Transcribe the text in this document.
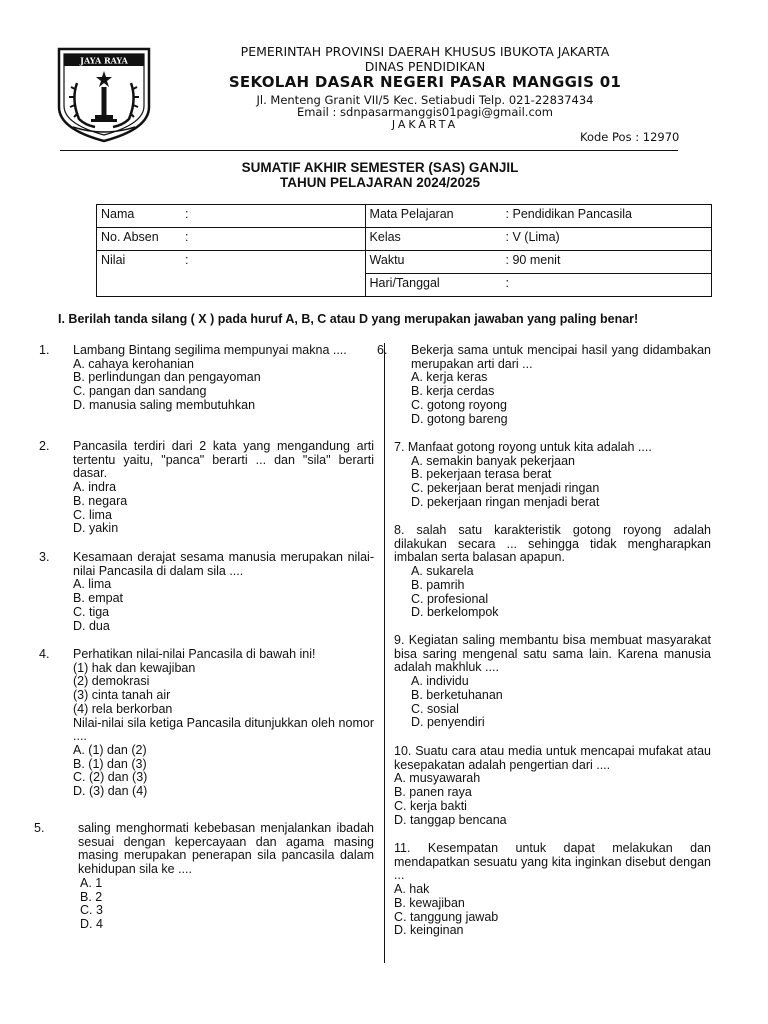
JAYA RAYA
PEMERINTAH PROVINSI DAERAH KHUSUS IBUKOTA JAKARTA
DINAS PENDIDIKAN
SEKOLAH DASAR NEGERI PASAR MANGGIS 01
Jl. Menteng Granit VII/5 Kec. Setiabudi Telp. 021-22837434
Email : sdnpasarmanggis01pagi@gmail.com
JAKARTA
Kode Pos : 12970
SUMATIF AKHIR SEMESTER (SAS) GANJIL
TAHUN PELAJARAN 2024/2025
Nama :	Mata Pelajaran : Pendidikan Pancasila
No. Absen :	Kelas : V (Lima)
Nilai :	Waktu : 90 menit
	Hari/Tanggal :
I. Berilah tanda silang ( X ) pada huruf A, B, C atau D yang merupakan jawaban yang paling benar!
1. Lambang Bintang segilima mempunyai makna ....
A. cahaya kerohanian
B. perlindungan dan pengayoman
C. pangan dan sandang
D. manusia saling membutuhkan
2. Pancasila terdiri dari 2 kata yang mengandung arti tertentu yaitu, "panca" berarti ... dan "sila" berarti dasar.
A. indra
B. negara
C. lima
D. yakin
3. Kesamaan derajat sesama manusia merupakan nilai-nilai Pancasila di dalam sila ....
A. lima
B. empat
C. tiga
D. dua
4. Perhatikan nilai-nilai Pancasila di bawah ini!
(1) hak dan kewajiban
(2) demokrasi
(3) cinta tanah air
(4) rela berkorban
Nilai-nilai sila ketiga Pancasila ditunjukkan oleh nomor ....
A. (1) dan (2)
B. (1) dan (3)
C. (2) dan (3)
D. (3) dan (4)
5.	saling menghormati kebebasan menjalankan ibadah sesuai dengan kepercayaan dan agama masing masing merupakan penerapan sila pancasila dalam kehidupan sila ke ....
A. 1
B. 2
C. 3
D. 4
6. Bekerja sama untuk mencipai hasil yang didambakan merupakan arti dari ...
A. kerja keras
B. kerja cerdas
C. gotong royong
D. gotong bareng
7. Manfaat gotong royong untuk kita adalah ....
A. semakin banyak pekerjaan
B. pekerjaan terasa berat
C. pekerjaan berat menjadi ringan
D. pekerjaan ringan menjadi berat
8. salah satu karakteristik gotong royong adalah dilakukan secara ... sehingga tidak mengharapkan imbalan serta balasan apapun.
A. sukarela
B. pamrih
C. profesional
D. berkelompok
9. Kegiatan saling membantu bisa membuat masyarakat bisa saring mengenal satu sama lain. Karena manusia adalah makhluk ....
A. individu
B. berketuhanan
C. sosial
D. penyendiri
10. Suatu cara atau media untuk mencapai mufakat atau kesepakatan adalah pengertian dari ....
A. musyawarah
B. panen raya
C. kerja bakti
D. tanggap bencana
11. Kesempatan untuk dapat melakukan dan mendapatkan sesuatu yang kita inginkan disebut dengan ...
A. hak
B. kewajiban
C. tanggung jawab
D. keinginan
